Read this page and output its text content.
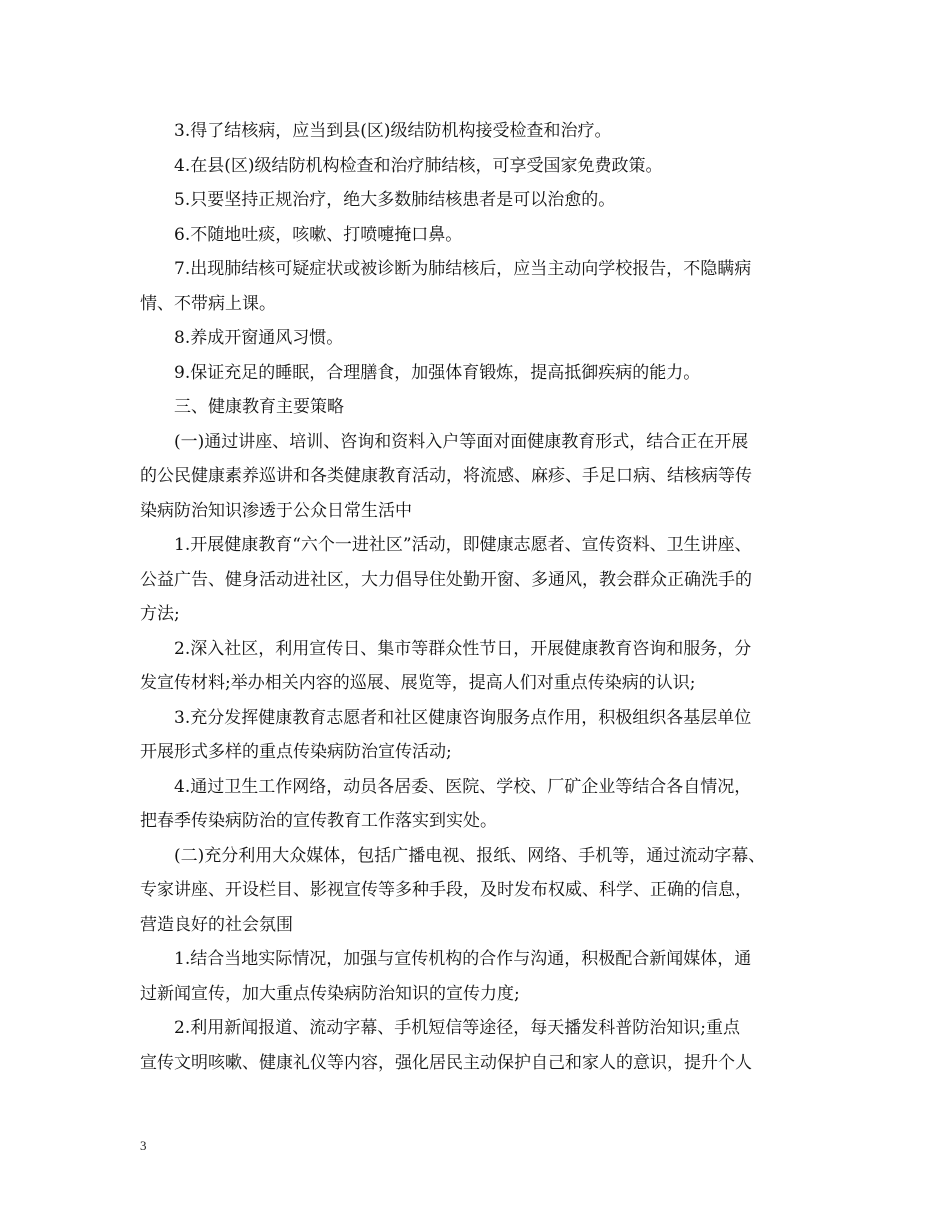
3.得了结核病，应当到县(区)级结防机构接受检查和治疗。
4.在县(区)级结防机构检查和治疗肺结核，可享受国家免费政策。
5.只要坚持正规治疗，绝大多数肺结核患者是可以治愈的。
6.不随地吐痰，咳嗽、打喷嚏掩口鼻。
7.出现肺结核可疑症状或被诊断为肺结核后，应当主动向学校报告，不隐瞒病
情、不带病上课。
8.养成开窗通风习惯。
9.保证充足的睡眠，合理膳食，加强体育锻炼，提高抵御疾病的能力。
三、健康教育主要策略
(一)通过讲座、培训、咨询和资料入户等面对面健康教育形式，结合正在开展
的公民健康素养巡讲和各类健康教育活动，将流感、麻疹、手足口病、结核病等传
染病防治知识渗透于公众日常生活中
1.开展健康教育“六个一进社区”活动，即健康志愿者、宣传资料、卫生讲座、
公益广告、健身活动进社区，大力倡导住处勤开窗、多通风，教会群众正确洗手的
方法;
2.深入社区，利用宣传日、集市等群众性节日，开展健康教育咨询和服务，分
发宣传材料;举办相关内容的巡展、展览等，提高人们对重点传染病的认识;
3.充分发挥健康教育志愿者和社区健康咨询服务点作用，积极组织各基层单位
开展形式多样的重点传染病防治宣传活动;
4.通过卫生工作网络，动员各居委、医院、学校、厂矿企业等结合各自情况，
把春季传染病防治的宣传教育工作落实到实处。
(二)充分利用大众媒体，包括广播电视、报纸、网络、手机等，通过流动字幕、
专家讲座、开设栏目、影视宣传等多种手段，及时发布权威、科学、正确的信息，
营造良好的社会氛围
1.结合当地实际情况，加强与宣传机构的合作与沟通，积极配合新闻媒体，通
过新闻宣传，加大重点传染病防治知识的宣传力度;
2.利用新闻报道、流动字幕、手机短信等途径，每天播发科普防治知识;重点
宣传文明咳嗽、健康礼仪等内容，强化居民主动保护自己和家人的意识，提升个人
3
